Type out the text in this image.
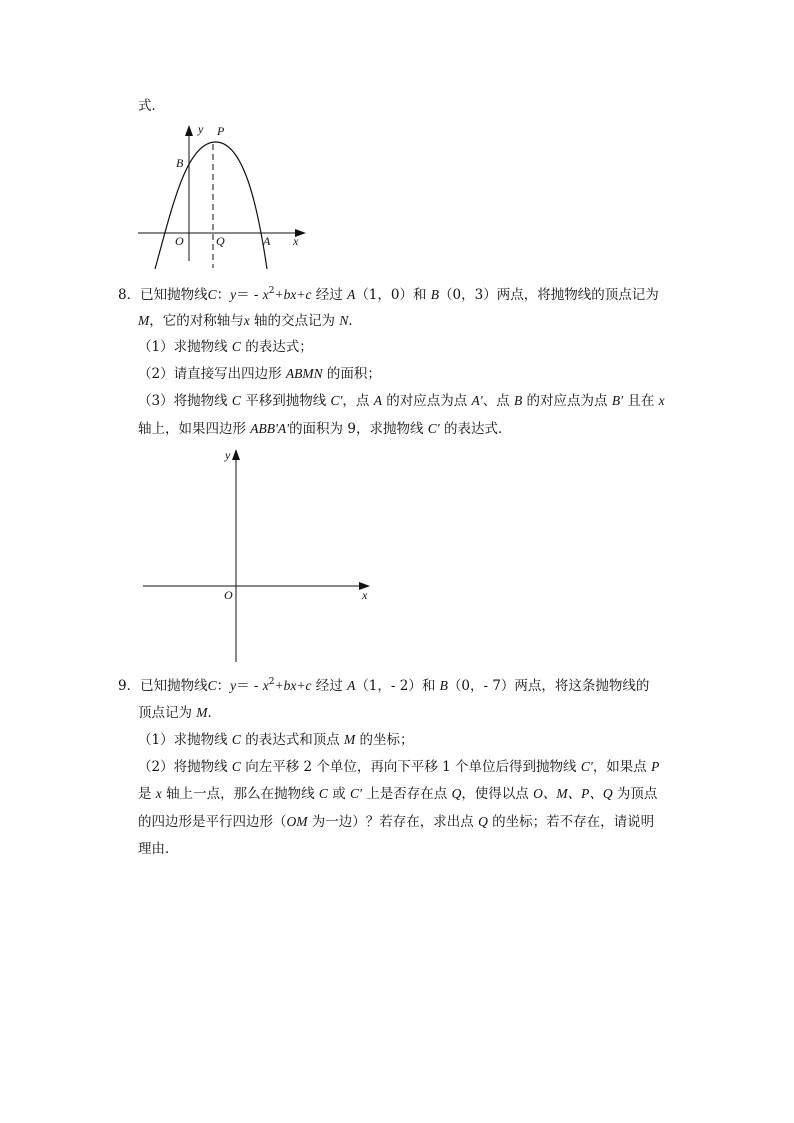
式．
y P
B
O	Q	A x
8．已知抛物线C：$y= - x^2+bx+c$ 经过 A（1，0）和 B（0，3）两点，将抛物线的顶点记为
M，它的对称轴与x 轴的交点记为 N．
（1）求抛物线 C 的表达式；
（2）请直接写出四边形 ABMN 的面积；
（3）将抛物线 C 平移到抛物线 C'，点 A 的对应点为点 A'、点 B 的对应点为点 B′ 且在 x
轴上，如果四边形 ABB'A'的面积为 9，求抛物线 C′ 的表达式．
y
O	x
9．已知抛物线C：$y= - x^2+bx+c$ 经过 A（1，- 2）和 B（0，- 7）两点，将这条抛物线的
顶点记为 M．
（1）求抛物线 C 的表达式和顶点 M 的坐标；
（2）将抛物线 C 向左平移 2 个单位，再向下平移 1 个单位后得到抛物线 C′，如果点 P
是 x 轴上一点，那么在抛物线 C 或 C′ 上是否存在点 Q，使得以点 O、M、P、Q 为顶点
的四边形是平行四边形（OM 为一边）？若存在，求出点 Q 的坐标；若不存在，请说明
理由．
